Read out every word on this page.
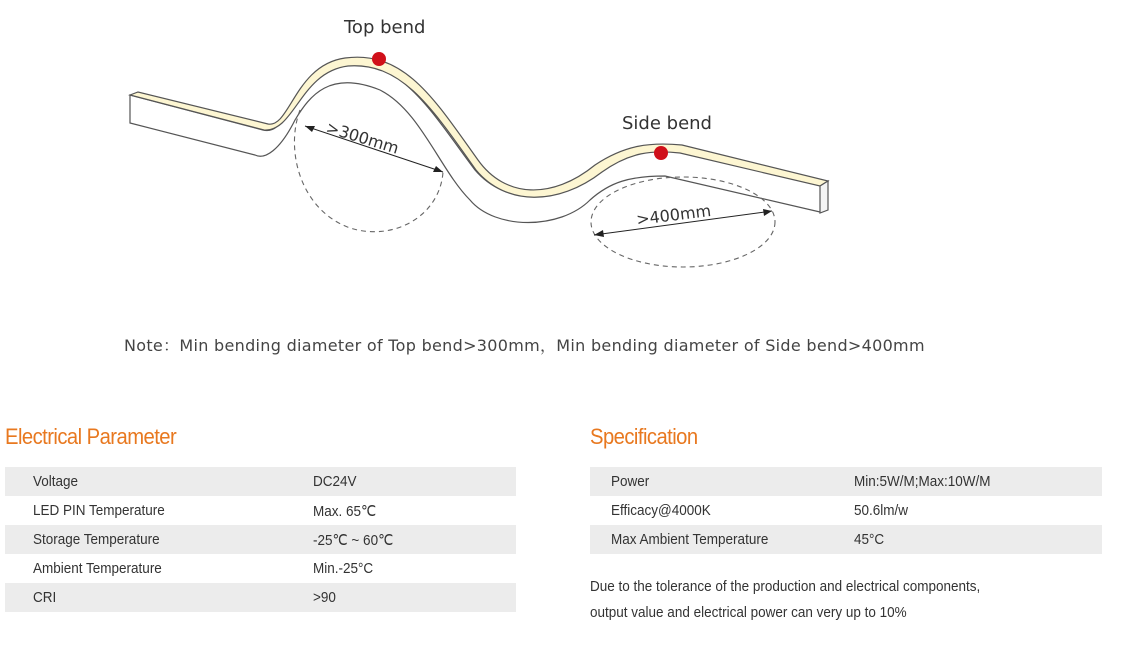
>300mm
>400mm
Top bend
Side bend
Note：Min bending diameter of Top bend>300mm，Min bending diameter of Side bend>400mm
Electrical Parameter
Voltage	DC24V
LED PIN Temperature	Max. 65℃
Storage Temperature	-25℃ ~ 60℃
Ambient Temperature	Min.-25°C
CRI	>90
Specification
Power	Min:5W/M;Max:10W/M
Efficacy@4000K	50.6lm/w
Max Ambient Temperature	45°C
Due to the tolerance of the production and electrical components,
output value and electrical power can very up to 10%
